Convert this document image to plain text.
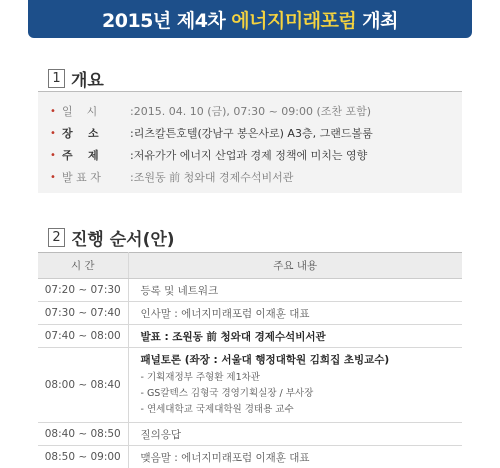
2015년 제4차 에너지미래포럼 개최
1 개요
• 일    시	: 2015. 04. 10 (금), 07:30 ~ 09:00 (조찬 포함)
• 장    소	: 리츠칼튼호텔(강남구 봉은사로) A3층, 그랜드볼룸
• 주    제	: 저유가가 에너지 산업과 경제 정책에 미치는 영향
• 발 표 자	: 조원동 前 청와대 경제수석비서관
2 진행 순서(안)
시 간	주요 내용
07:20 ~ 07:30	등록 및 네트워크
07:30 ~ 07:40	인사말 : 에너지미래포럼 이재훈 대표
07:40 ~ 08:00	발표 : 조원동 前 청와대 경제수석비서관
08:00 ~ 08:40	패널토론 (좌장 : 서울대 행정대학원 김희집 초빙교수)
- 기획재정부 주형환 제1차관
- GS칼텍스 김형국 경영기획실장 / 부사장
- 연세대학교 국제대학원 경태용 교수

08:40 ~ 08:50	질의응답
08:50 ~ 09:00	맺음말 : 에너지미래포럼 이재훈 대표
